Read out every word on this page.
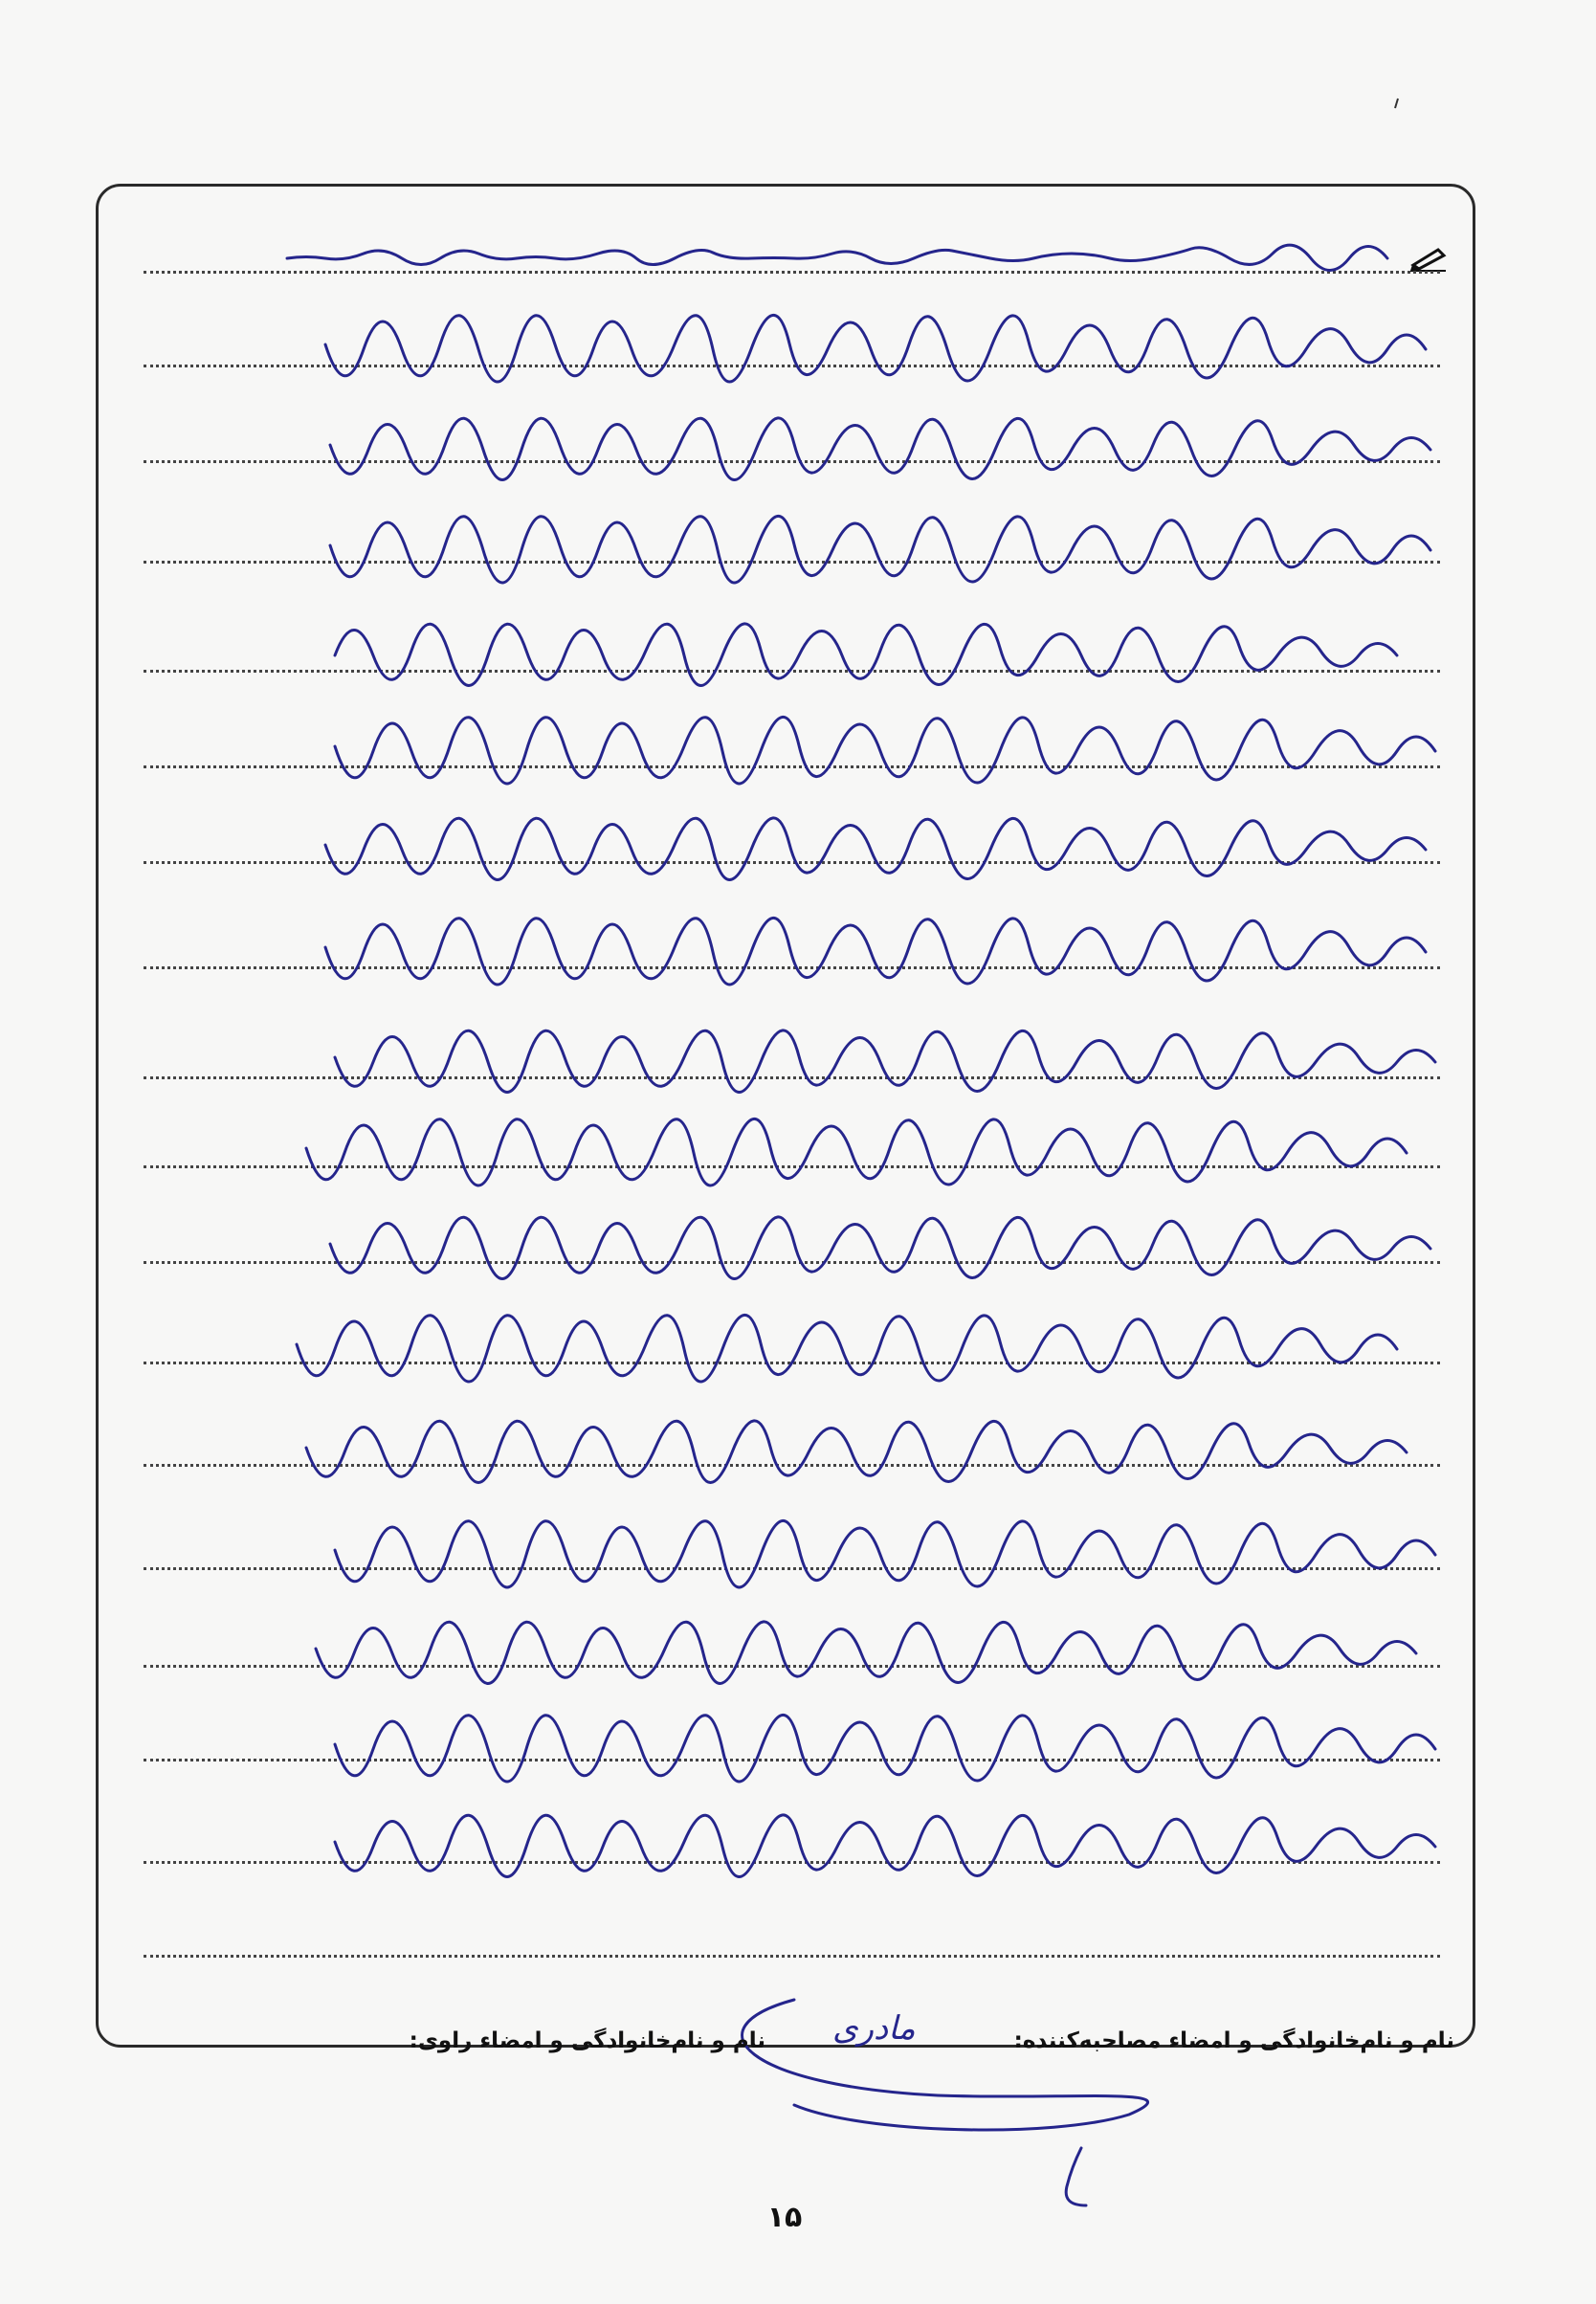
نام و نام‌خانوادگی و امضاء مصاحبه‌کننده:
نام و نام‌خانوادگی و امضاء راوی: مادری
۱۵
